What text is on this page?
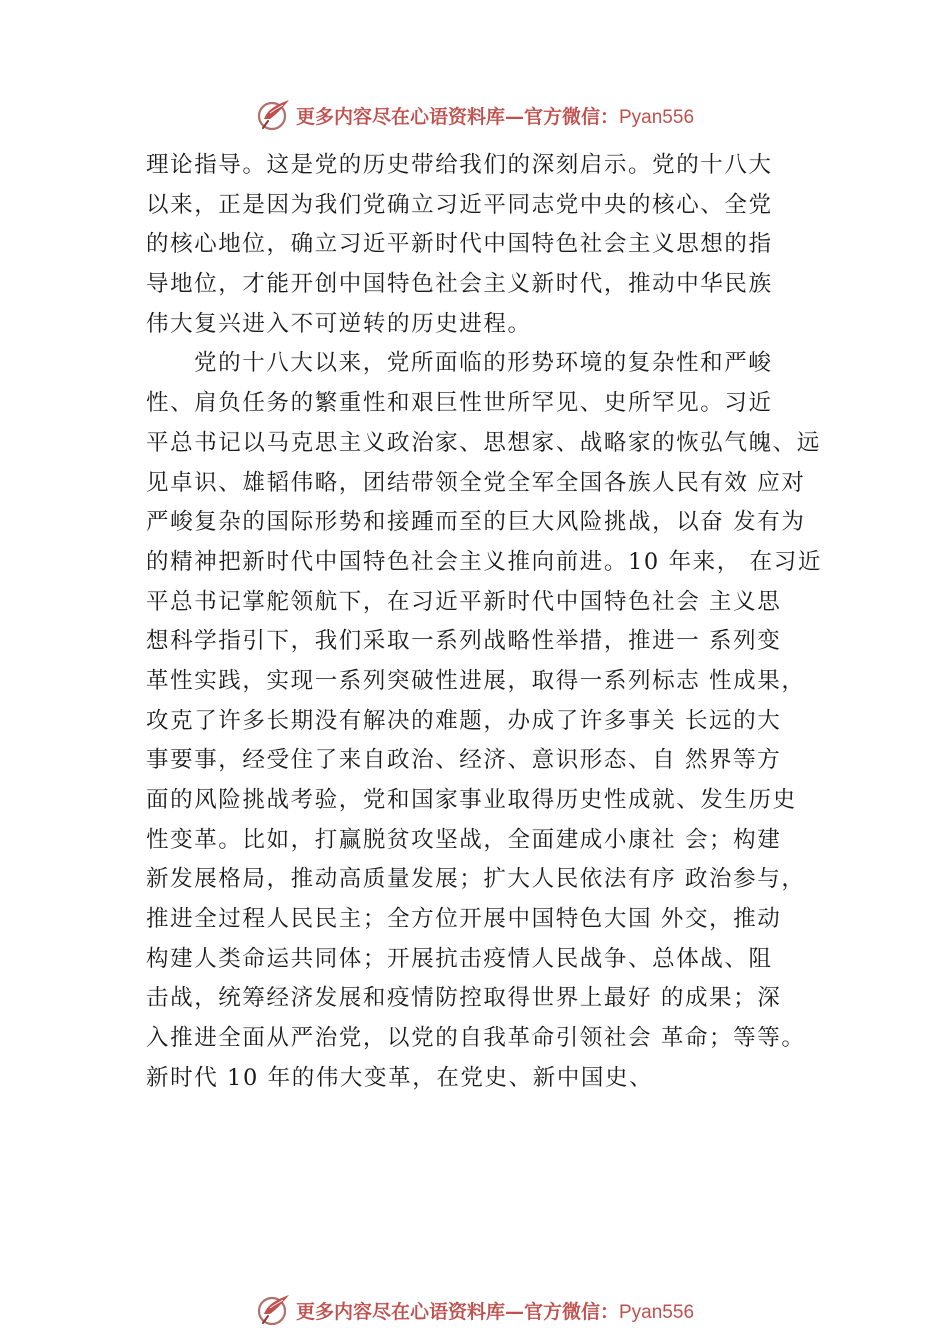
更多内容尽在心语资料库—官方微信：Pyan556
理论指导。这是党的历史带给我们的深刻启示。党的十八大
以来，正是因为我们党确立习近平同志党中央的核心、全党
的核心地位，确立习近平新时代中国特色社会主义思想的指
导地位，才能开创中国特色社会主义新时代，推动中华民族
伟大复兴进入不可逆转的历史进程。
党的十八大以来，党所面临的形势环境的复杂性和严峻
性、肩负任务的繁重性和艰巨性世所罕见、史所罕见。习近
平总书记以马克思主义政治家、思想家、战略家的恢弘气魄、远
见卓识、雄韬伟略，团结带领全党全军全国各族人民有效 应对
严峻复杂的国际形势和接踵而至的巨大风险挑战，以奋 发有为
的精神把新时代中国特色社会主义推向前进。10 年来， 在习近
平总书记掌舵领航下，在习近平新时代中国特色社会 主义思
想科学指引下，我们采取一系列战略性举措，推进一 系列变
革性实践，实现一系列突破性进展，取得一系列标志 性成果，
攻克了许多长期没有解决的难题，办成了许多事关 长远的大
事要事，经受住了来自政治、经济、意识形态、自 然界等方
面的风险挑战考验，党和国家事业取得历史性成就、发生历史
性变革。比如，打赢脱贫攻坚战，全面建成小康社 会；构建
新发展格局，推动高质量发展；扩大人民依法有序 政治参与，
推进全过程人民民主；全方位开展中国特色大国 外交，推动
构建人类命运共同体；开展抗击疫情人民战争、总体战、阻
击战，统筹经济发展和疫情防控取得世界上最好 的成果；深
入推进全面从严治党，以党的自我革命引领社会 革命；等等。
新时代 10 年的伟大变革，在党史、新中国史、
更多内容尽在心语资料库—官方微信：Pyan556
